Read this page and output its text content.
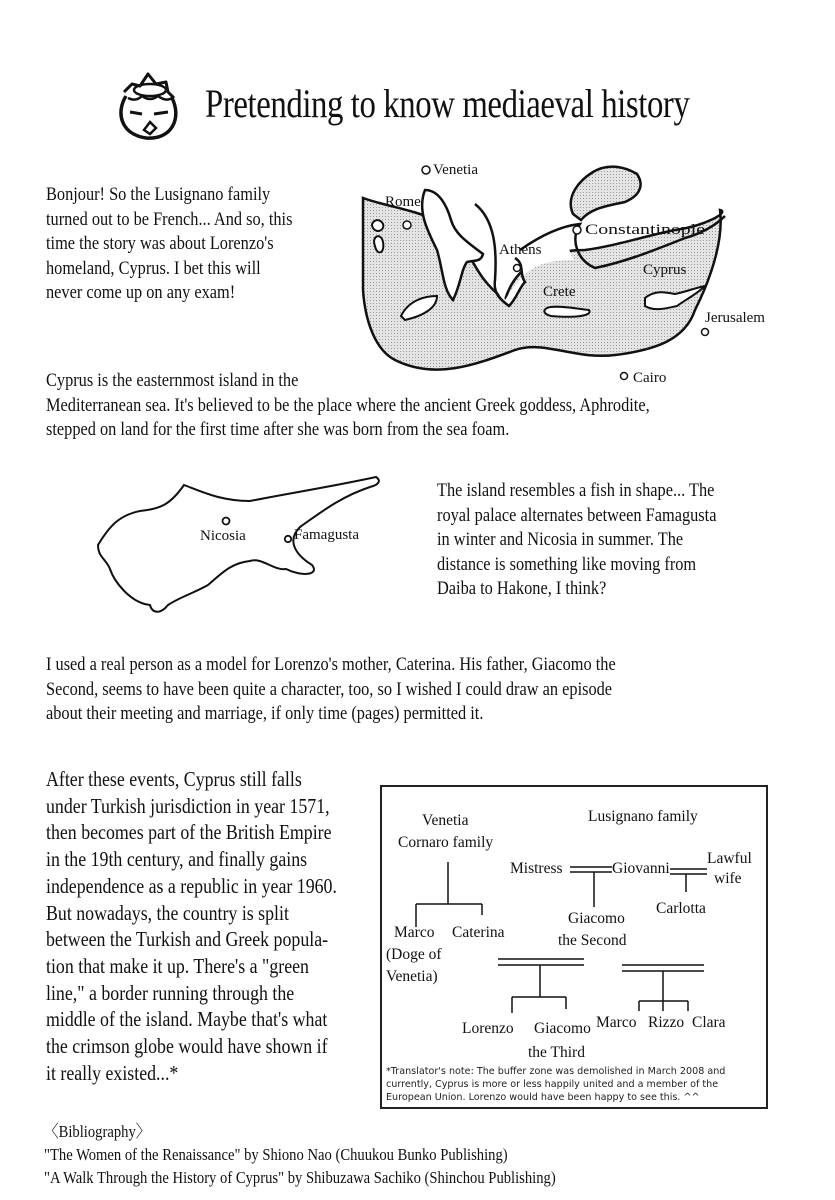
Pretending to know mediaeval history
Bonjour! So the Lusignano family
turned out to be French... And so, this
time the story was about Lorenzo's
homeland, Cyprus. I bet this will
never come up on any exam!
Venetia
Rome
Constantinople
Athens
Crete
Cyprus
Jerusalem
Cairo
Cyprus is the easternmost island in the
Mediterranean sea. It's believed to be the place where the ancient Greek goddess, Aphrodite,
stepped on land for the first time after she was born from the sea foam.
Nicosia	Famagusta
The island resembles a fish in shape... The
royal palace alternates between Famagusta
in winter and Nicosia in summer. The
distance is something like moving from
Daiba to Hakone, I think?
I used a real person as a model for Lorenzo's mother, Caterina. His father, Giacomo the
Second, seems to have been quite a character, too, so I wished I could draw an episode
about their meeting and marriage, if only time (pages) permitted it.
After these events, Cyprus still falls
under Turkish jurisdiction in year 1571,
then becomes part of the British Empire
in the 19th century, and finally gains
independence as a republic in year 1960.
But nowadays, the country is split
between the Turkish and Greek popula-
tion that make it up. There's a "green
line," a border running through the
middle of the island. Maybe that's what
the crimson globe would have shown if
it really existed...*
Venetia
Cornaro family
Lusignano family
Mistress	Giovanni
Lawful
wife
Carlotta
Giacomo
the Second
Marco
(Doge of
Venetia)
Caterina
Lorenzo Giacomo
the Third
Marco Rizzo Clara
*Translator's note: The buffer zone was demolished in March 2008 and currently, Cyprus is more or less happily united and a member of the European Union. Lorenzo would have been happy to see this. ^^
〈Bibliography〉
"The Women of the Renaissance" by Shiono Nao (Chuukou Bunko Publishing)
"A Walk Through the History of Cyprus" by Shibuzawa Sachiko (Shinchou Publishing)
